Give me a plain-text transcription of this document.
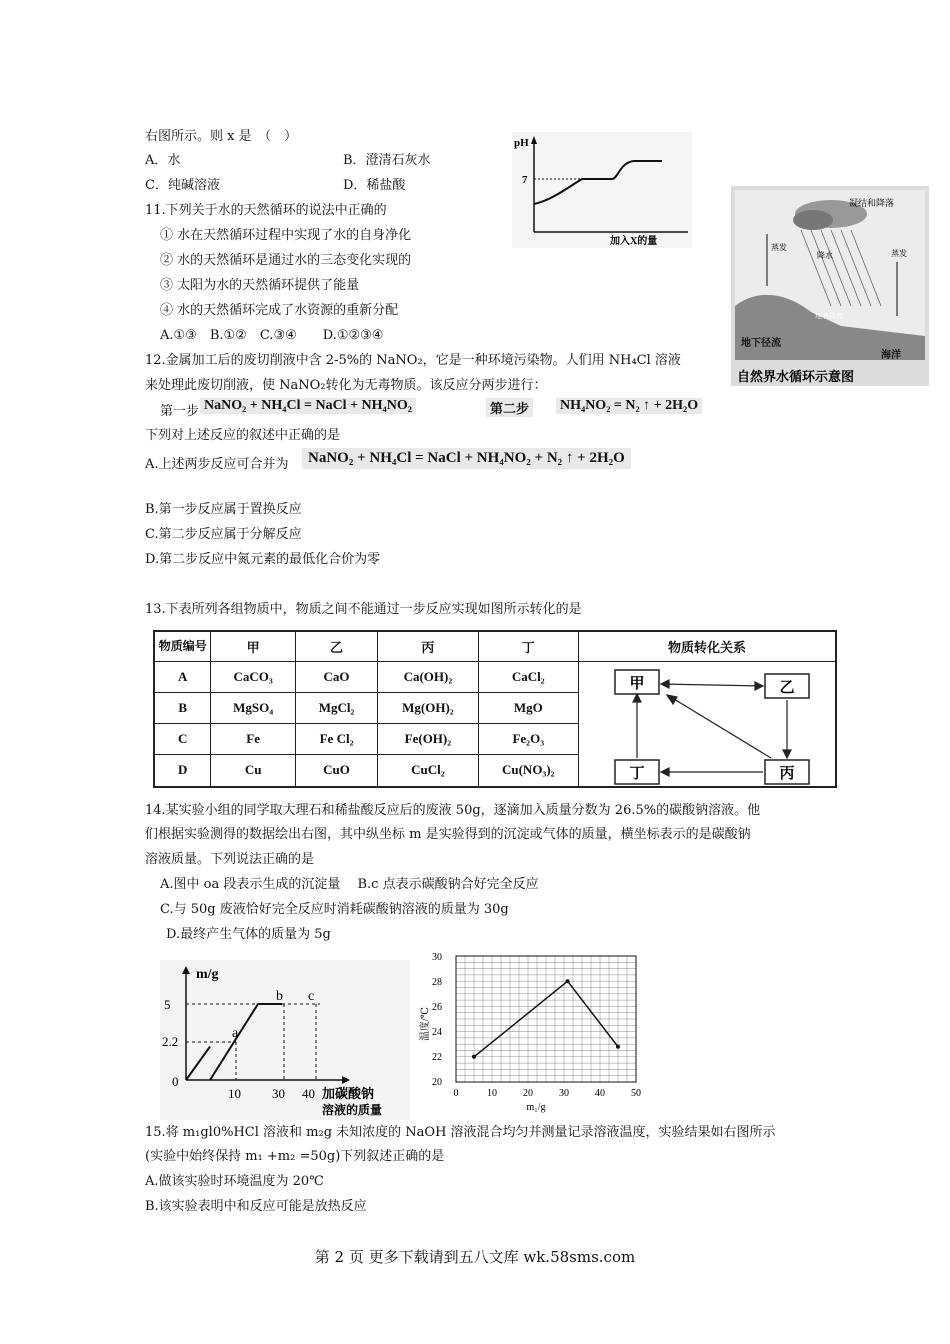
右图所示。则 x 是　（　）
A．水	B．澄清石灰水
C．纯碱溶液	D．稀盐酸
pH
7
加入X的量
凝结和降落
蒸发
蒸发
降水
地表径流
地下径流
海洋
自然界水循环示意图
11.下列关于水的天然循环的说法中正确的
① 水在天然循环过程中实现了水的自身净化
② 水的天然循环是通过水的三态变化实现的
③ 太阳为水的天然循环提供了能量
④ 水的天然循环完成了水资源的重新分配
A.①③　B.①②　C.③④　　D.①②③④
12.金属加工后的废切削液中含 2-5%的 NaNO₂，它是一种环境污染物。人们用 NH₄Cl 溶液
来处理此废切削液，使 NaNO₂转化为无毒物质。该反应分两步进行：
第一步 NaNO₂ + NH₄Cl = NaCl + NH₄NO₂	第二步 NH₄NO₂ = N₂ ↑ + 2H₂O
下列对上述反应的叙述中正确的是
A.上述两步反应可合并为	NaNO₂ + NH₄Cl = NaCl + NH₄NO₂ + N₂ ↑ + 2H₂O
B.第一步反应属于置换反应
C.第二步反应属于分解反应
D.第二步反应中氮元素的最低化合价为零
13.下表所列各组物质中，物质之间不能通过一步反应实现如图所示转化的是
物质编号	甲	乙	丙	丁	物质转化关系
A	CaCO₃	CaO	Ca(OH)₂	CaCl₂	甲 乙
丁 丙

B	MgSO₄	MgCl₂	Mg(OH)₂	MgO	
C	Fe	Fe Cl₂	Fe(OH)₂	Fe₂O₃	
D	Cu	CuO	CuCl₂	Cu(NO₃)₂	
14.某实验小组的同学取大理石和稀盐酸反应后的废液 50g，逐滴加入质量分数为 26.5%的碳酸钠溶液。他
们根据实验测得的数据绘出右图，其中纵坐标 m 是实验得到的沉淀或气体的质量，横坐标表示的是碳酸钠
溶液质量。下列说法正确的是
A.图中 oa 段表示生成的沉淀量　 B.c 点表示碳酸钠合好完全反应
C.与 50g 废液恰好完全反应时消耗碳酸钠溶液的质量为 30g
D.最终产生气体的质量为 5g
m/g
5
2.2
0
10 30 40 加碳酸钠
溶液的质量
a
b c
温度/℃
30
28
26
24
22
20
0	10	20	30	40	50
m₁/g
15.将 m₁gl0%HCl 溶液和 m₂g 未知浓度的 NaOH 溶液混合均匀并测量记录溶液温度，实验结果如右图所示
(实验中始终保持 m₁ +m₂ =50g)下列叙述正确的是
A.做该实验时环境温度为 20℃
B.该实验表明中和反应可能是放热反应
第 2 页 更多下载请到五八文库 wk.58sms.com
